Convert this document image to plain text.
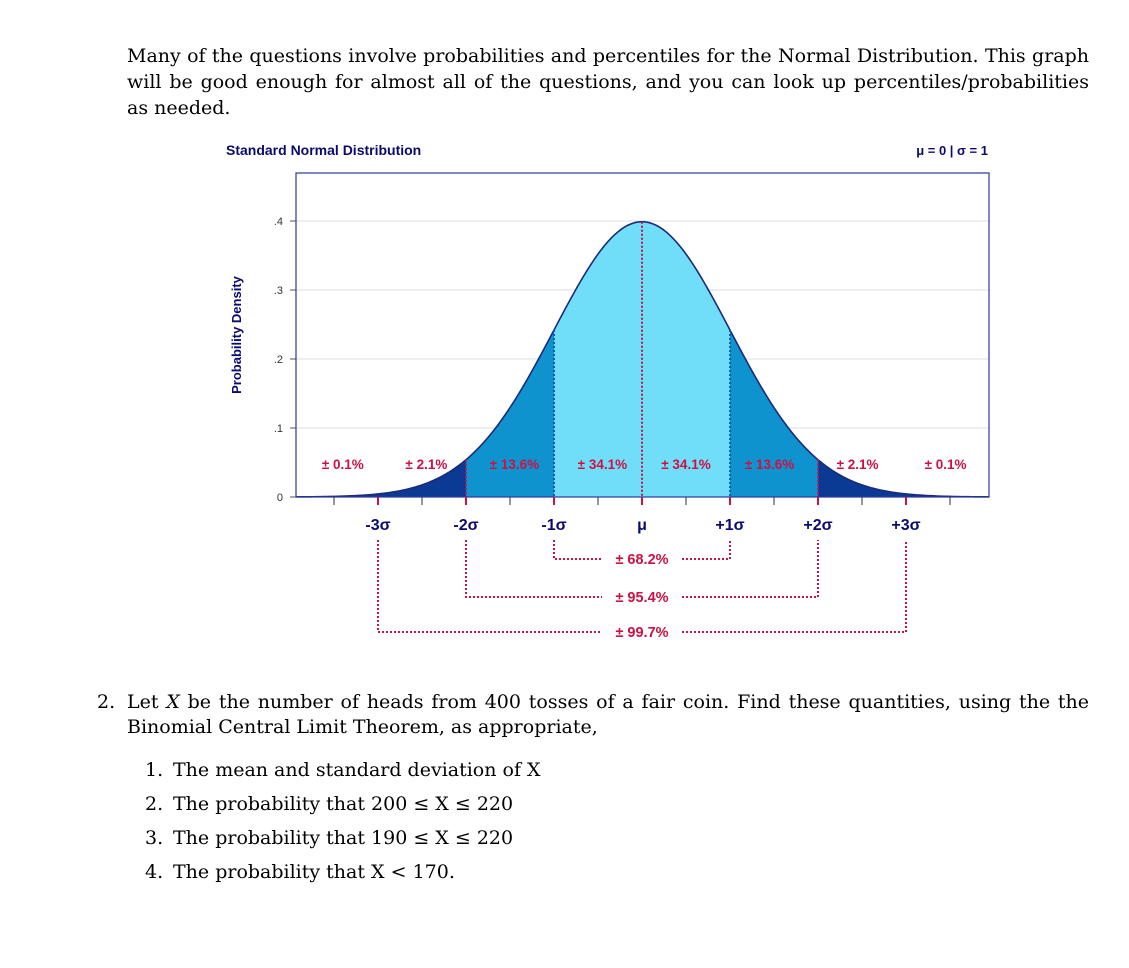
Many of the questions involve probabilities and percentiles for the Normal Distribution. This graph will be good enough for almost all of the questions, and you can look up percentiles/probabilities as needed.
Standard Normal Distribution	μ = 0 | σ = 1
Probability Density
0
.1
.2
.3
.4
© www.spss-tutorials.com
-3σ	-2σ	-1σ	μ	+1σ	+2σ	+3σ
± 0.1%	± 2.1%	± 13.6%	± 34.1%	± 34.1%	± 13.6%	± 2.1%	± 0.1%
± 68.2%
± 95.4%
± 99.7%
2. Let X be the number of heads from 400 tosses of a fair coin. Find these quantities, using the the Binomial Central Limit Theorem, as appropriate,
1. The mean and standard deviation of X
2. The probability that 200 ≤ X ≤ 220
3. The probability that 190 ≤ X ≤ 220
4. The probability that X < 170.
